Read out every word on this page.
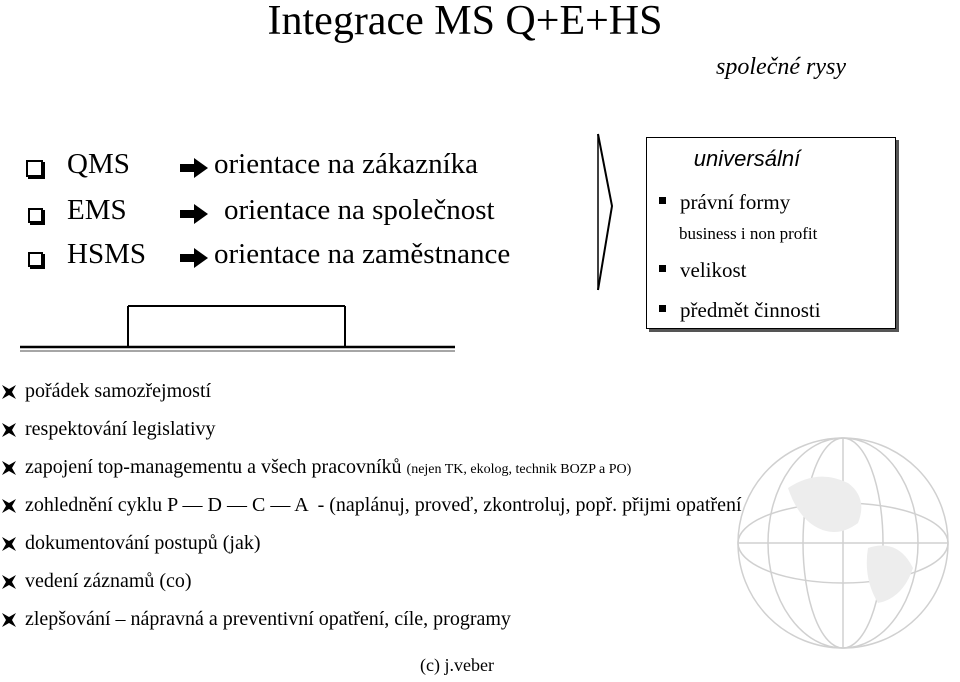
Integrace MS Q+E+HS
společné rysy
QMS	orientace na zákazníka
EMS	orientace na společnost
HSMS orientace na zaměstnance
universální
právní formy
business i non profit
velikost
předmět činnosti
pořádek samozřejmostí
respektování legislativy
zapojení top-managementu a všech pracovníků (nejen TK, ekolog, technik BOZP a PO)
zohlednění cyklu P — D — C — A  - (naplánuj, proveď, zkontroluj, popř. přijmi opatření
dokumentování postupů (jak)
vedení záznamů (co)
zlepšování – nápravná a preventivní opatření, cíle, programy
(c) j.veber
